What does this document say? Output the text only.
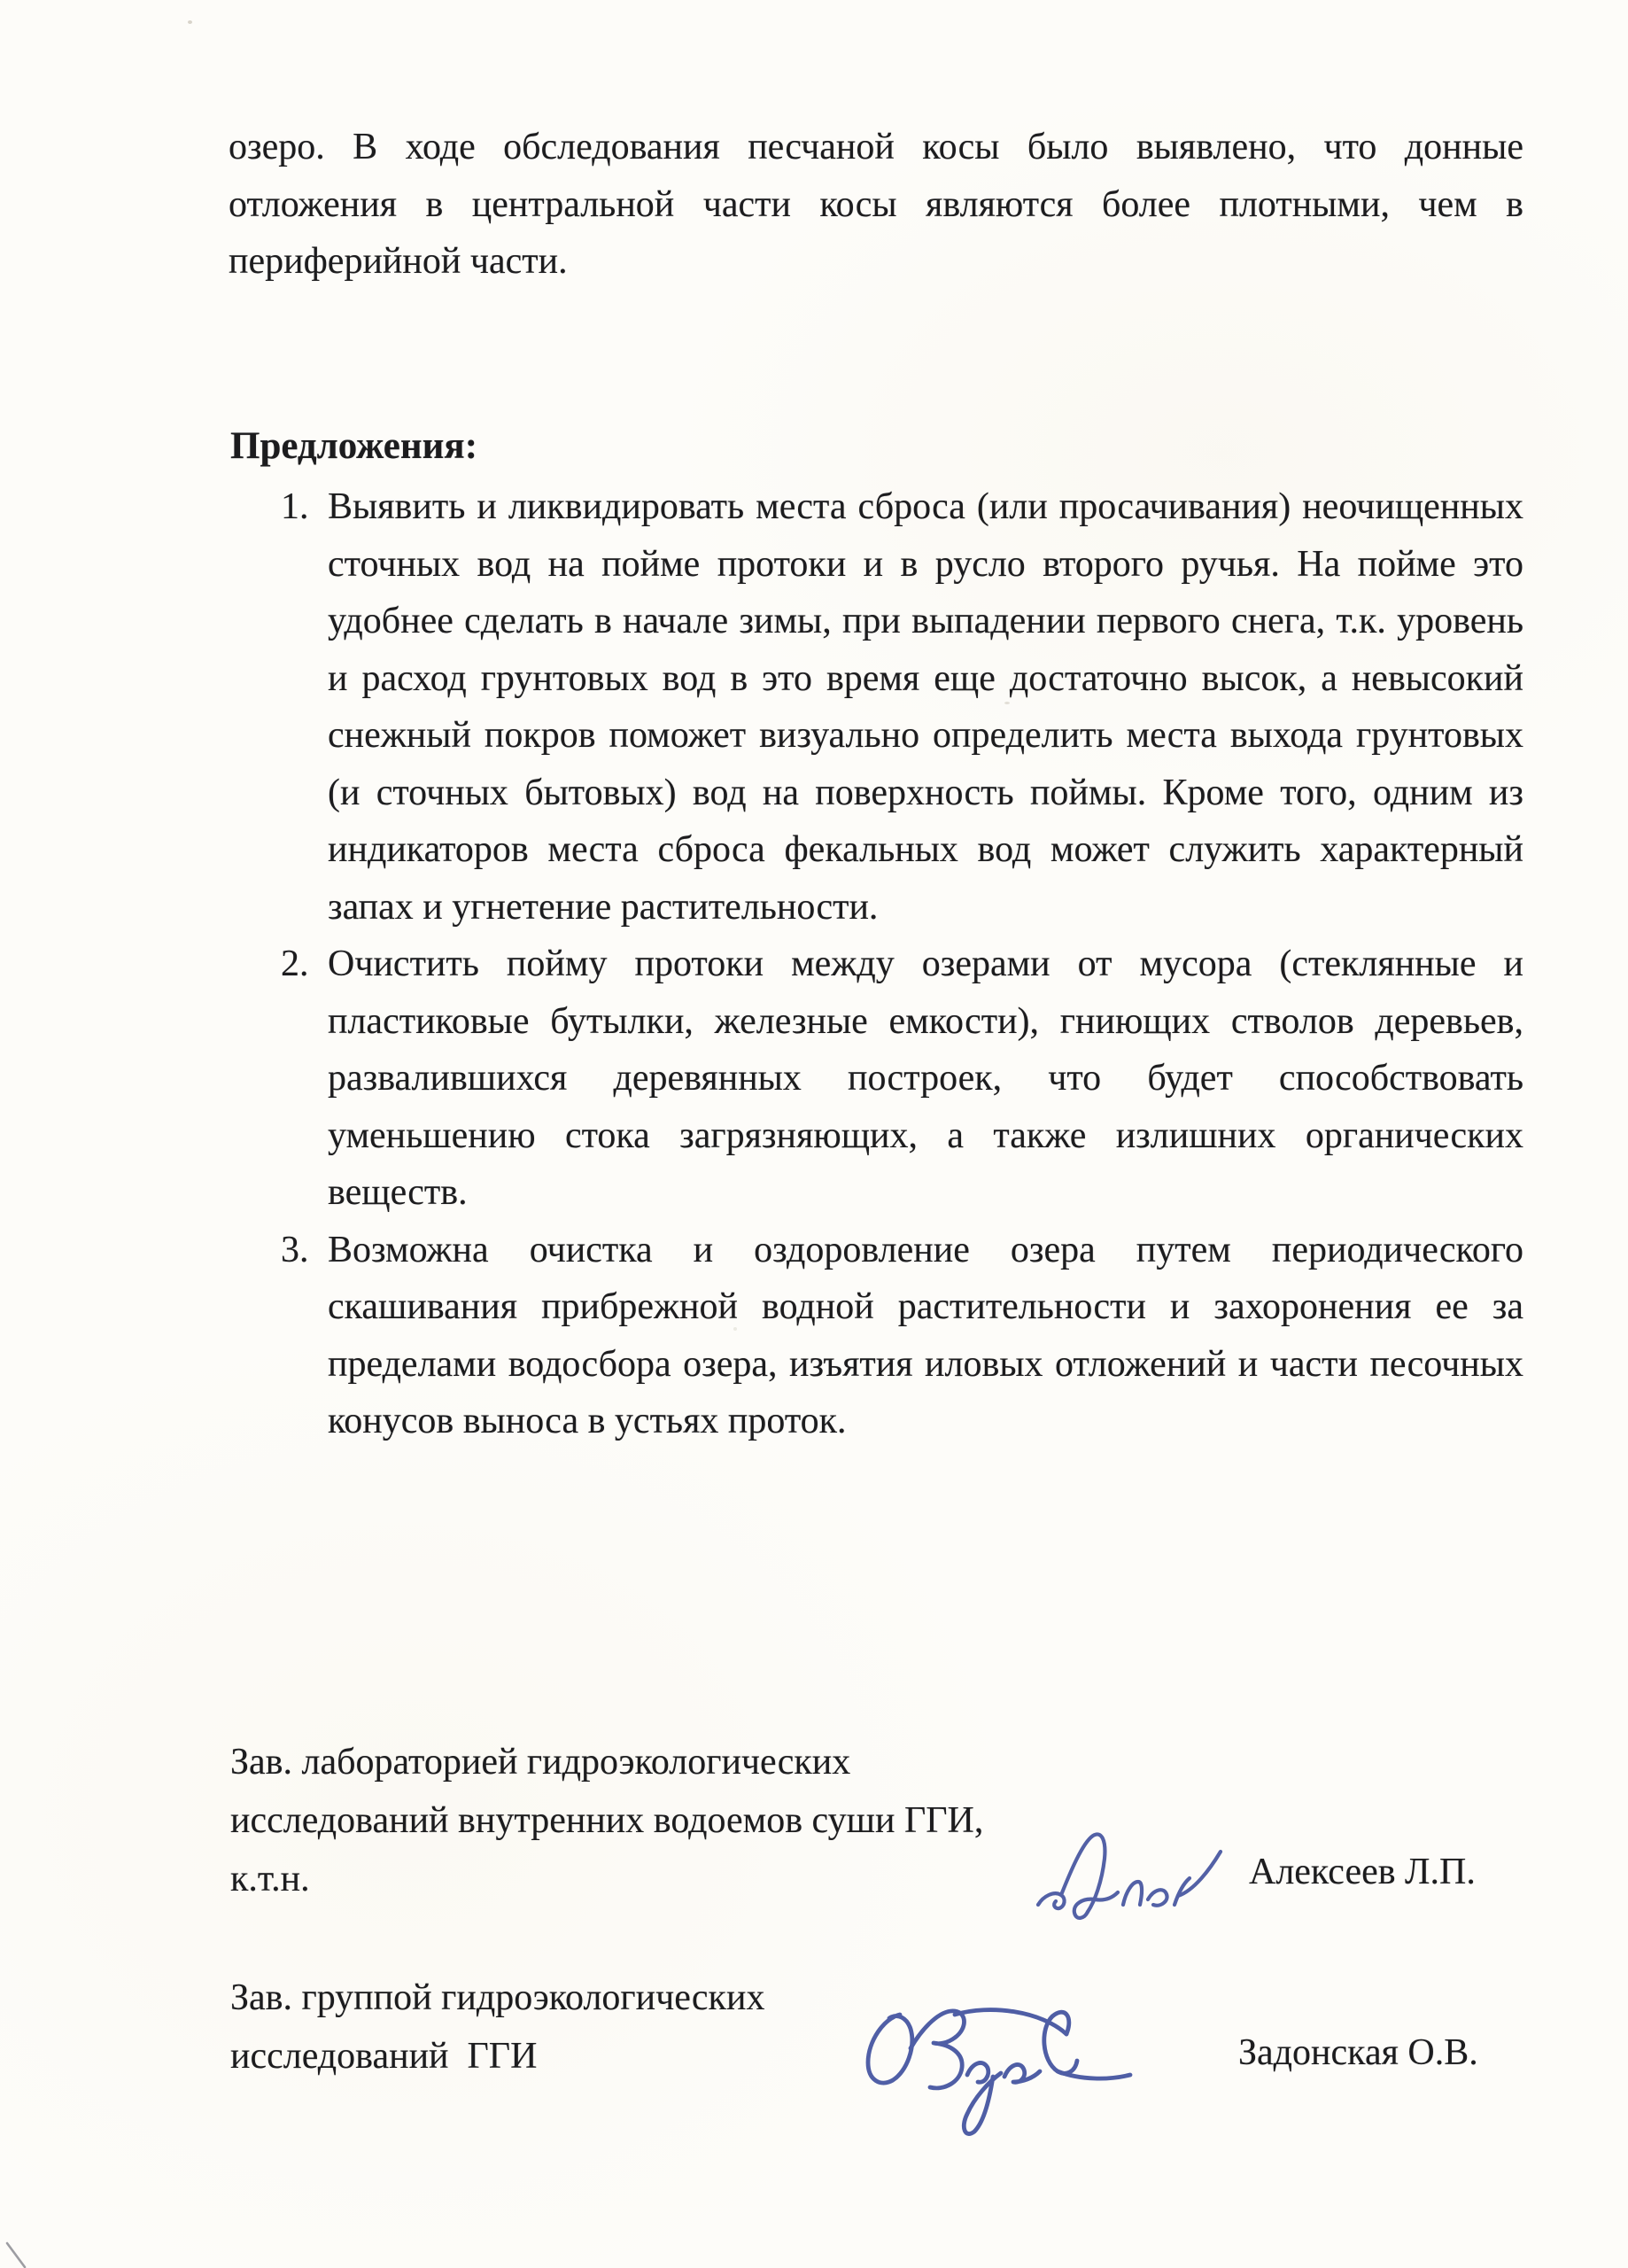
озеро. В ходе обследования песчаной косы было выявлено, что донные отложения в центральной части косы являются более плотными, чем в периферийной части.

Предложения:
1. Выявить и ликвидировать места сброса (или просачивания) неочищенных сточных вод на пойме протоки и в русло второго ручья. На пойме это удобнее сделать в начале зимы, при выпадении первого снега, т.к. уровень и расход грунтовых вод в это время еще достаточно высок, а невысокий снежный покров поможет визуально определить места выхода грунтовых (и сточных бытовых) вод на поверхность поймы. Кроме того, одним из индикаторов места сброса фекальных вод может служить характерный запах и угнетение растительности.
2. Очистить пойму протоки между озерами от мусора (стеклянные и пластиковые бутылки, железные емкости), гниющих стволов деревьев, развалившихся деревянных построек, что будет способствовать уменьшению стока загрязняющих, а также излишних органических веществ.
3. Возможна очистка и оздоровление озера путем периодического скашивания прибрежной водной растительности и захоронения ее за пределами водосбора озера, изъятия иловых отложений и части песочных конусов выноса в устьях проток.
Зав. лабораторией гидроэкологических
исследований внутренних водоемов суши ГГИ,
к.т.н.	Алексеев Л.П.
Зав. группой гидроэкологических
исследований  ГГИ	Задонская О.В.
